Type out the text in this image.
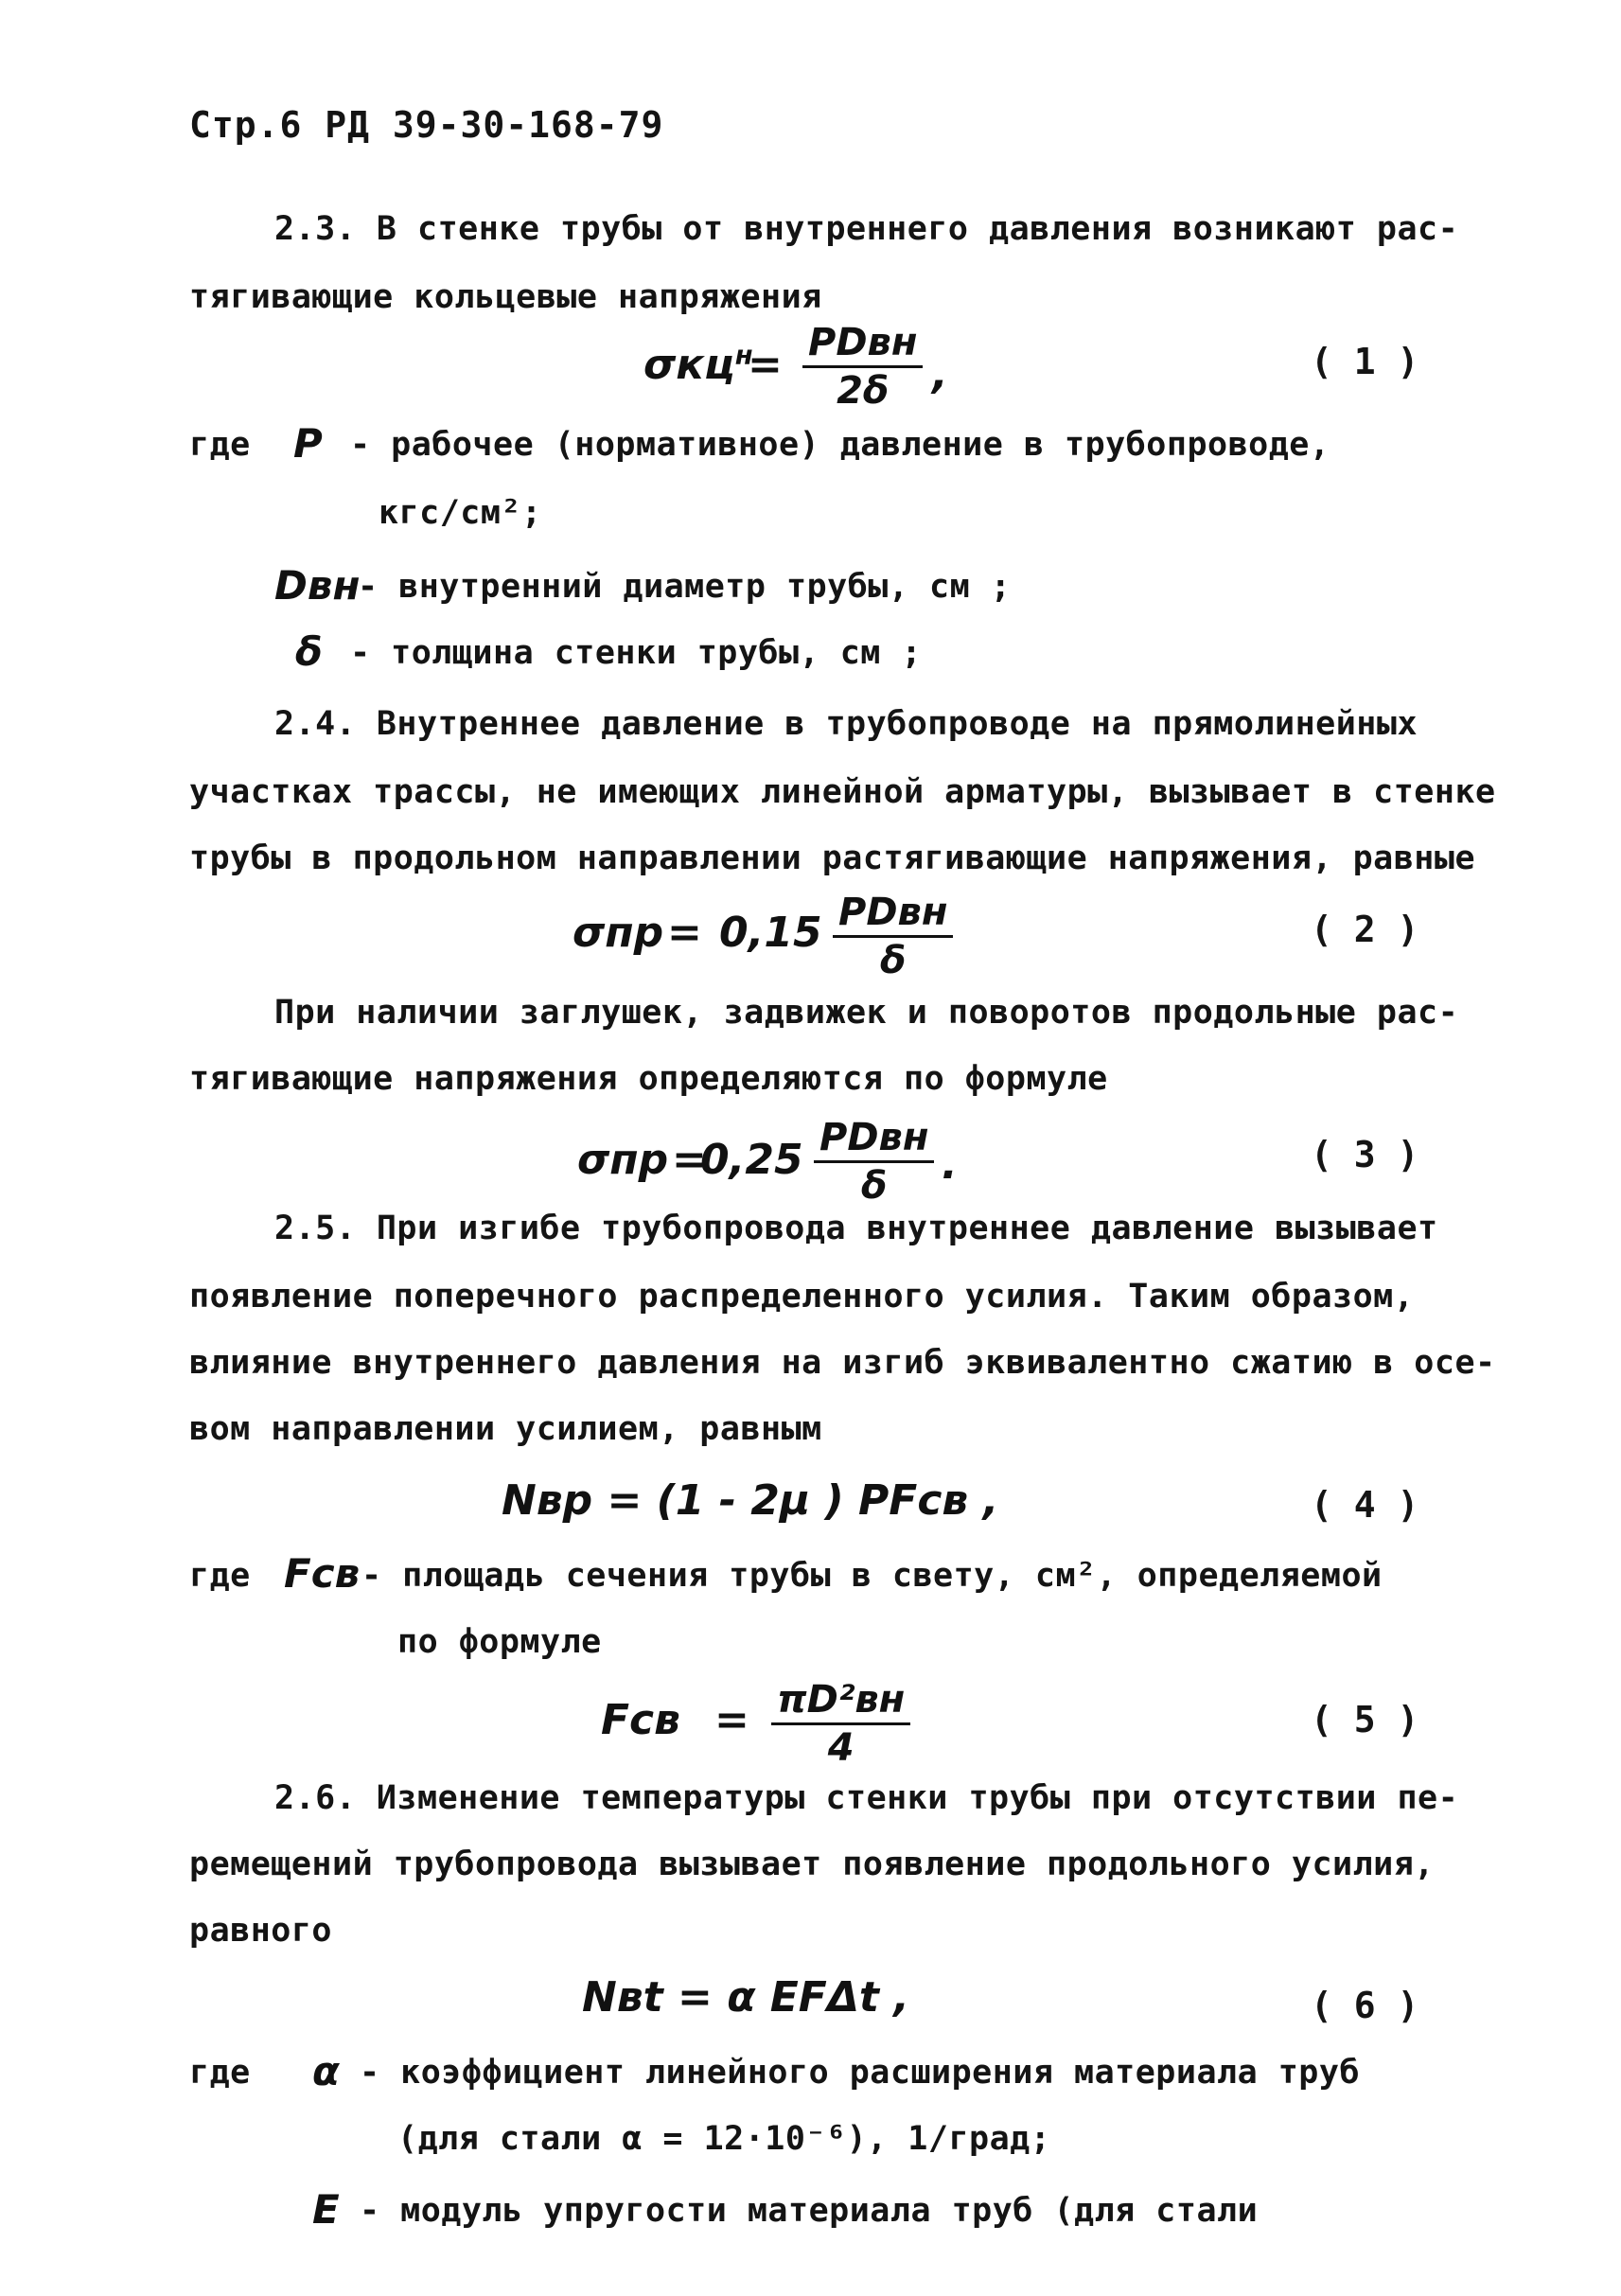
Стр.6 РД 39-30-168-79
2.3. В стенке трубы от внутреннего давления возникают рас-
тягивающие кольцевые напряжения
σкц$^н$
= PDвн
2δ	,	( 1 )
где P - рабочее (нормативное) давление в трубопроводе,
кгс/см²;
Dвн
- внутренний диаметр трубы, см ;
δ - толщина стенки трубы, см ;
2.4. Внутреннее давление в трубопроводе на прямолинейных
участках трассы, не имеющих линейной арматуры, вызывает в стенке
трубы в продольном направлении растягивающие напряжения, равные
σпр = 0,15 PDвн
δ
( 2 )
При наличии заглушек, задвижек и поворотов продольные рас-
тягивающие напряжения определяются по формуле
σпр =
0,25 PDвн
δ	.	( 3 )
2.5. При изгибе трубопровода внутреннее давление вызывает
появление поперечного распределенного усилия. Таким образом,
влияние внутреннего давления на изгиб эквивалентно сжатию в осе-
вом направлении усилием, равным
Nвр = (1 - 2μ ) PFсв ,	( 4 )
где Fсв - площадь сечения трубы в свету, см², определяемой
по формуле
Fсв = πD²вн
4
( 5 )
2.6. Изменение температуры стенки трубы при отсутствии пе-
ремещений трубопровода вызывает появление продольного усилия,
равного
Nвt = α EFΔt ,	( 6 )
где α - коэффициент линейного расширения материала труб
(для стали α = 12·10⁻⁶), 1/град;
E - модуль упругости материала труб (для стали
